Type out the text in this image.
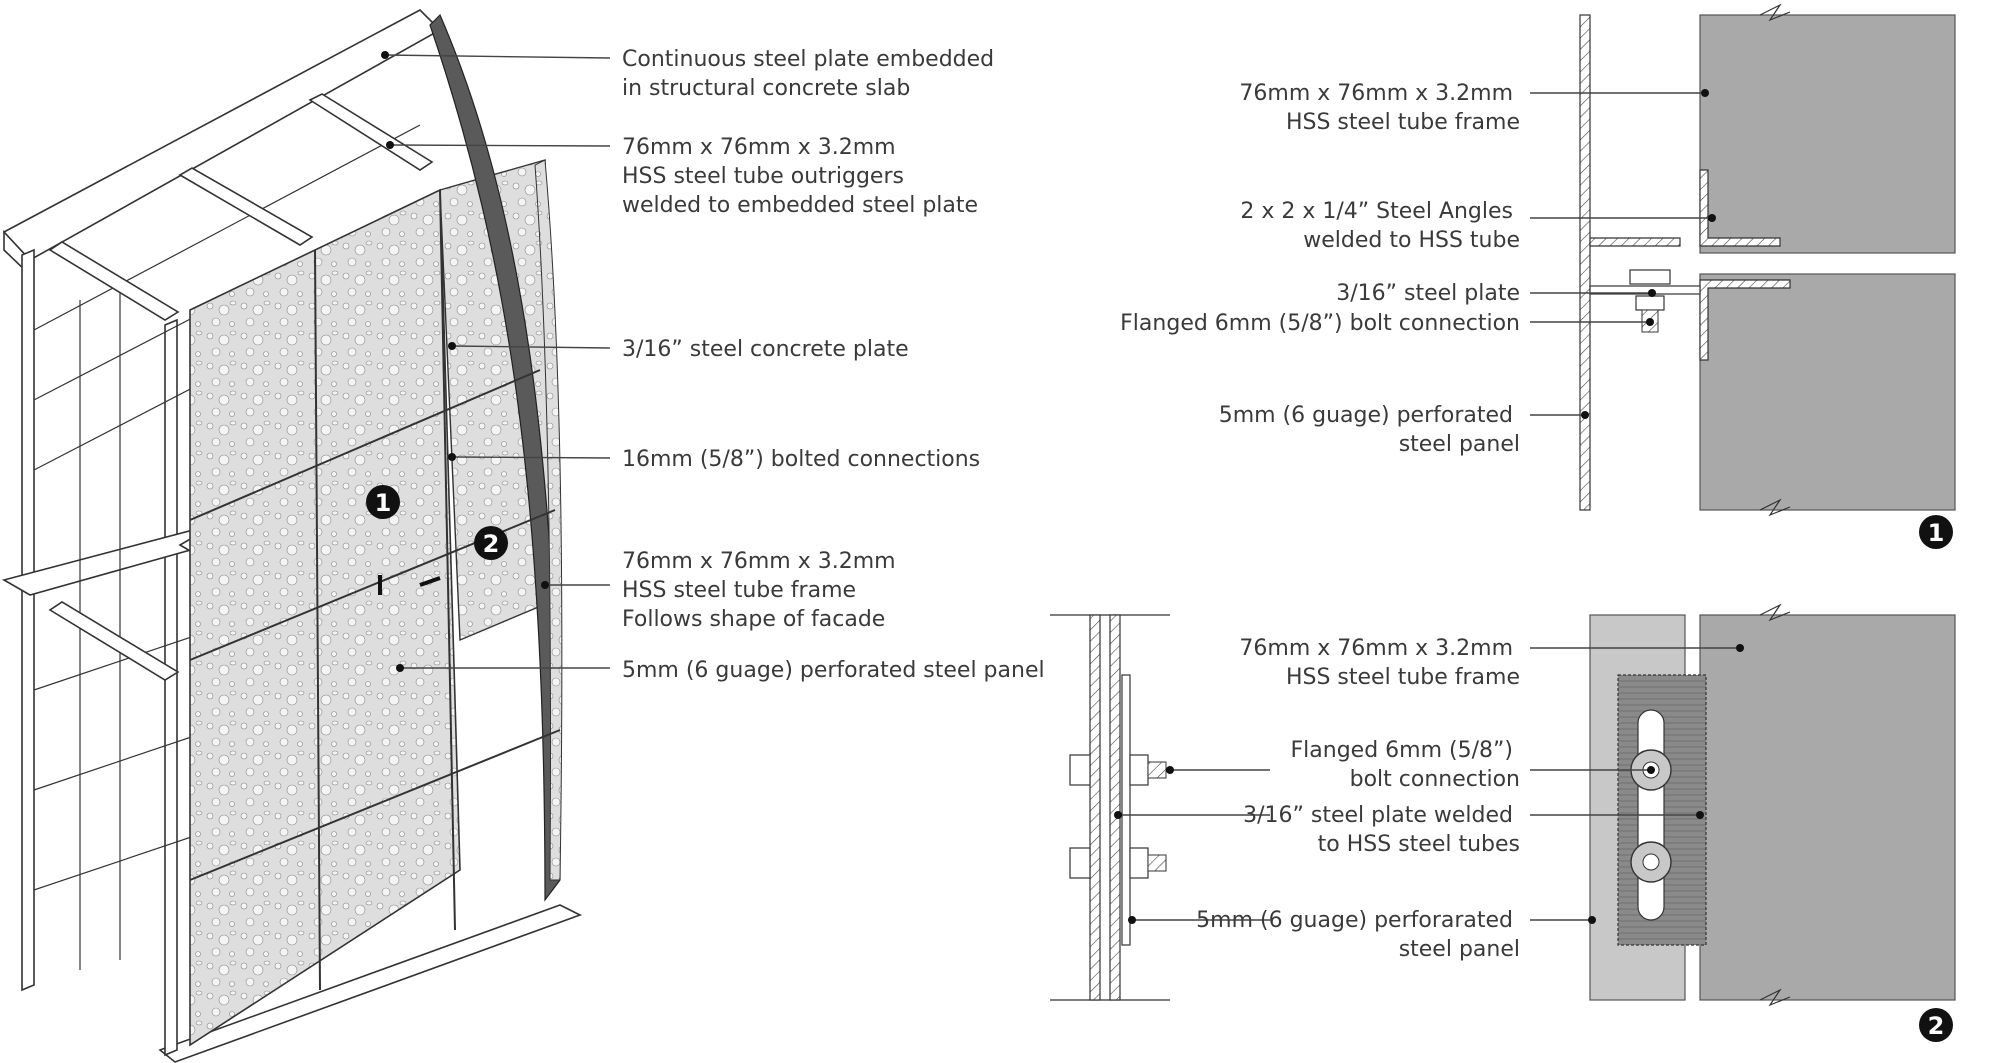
1
2
Continuous steel plate embedded in structural concrete slab
76mm x 76mm x 3.2mm HSS steel tube outriggers welded to embedded steel plate
3/16” steel concrete plate
16mm (5/8”) bolted connections
76mm x 76mm x 3.2mm HSS steel tube frame Follows shape of facade
5mm (6 guage) perforated steel panel
76mm x 76mm x 3.2mm HSS steel tube frame
2 x 2 x 1/4” Steel Angles welded to HSS tube
3/16” steel plate
Flanged 6mm (5/8”) bolt connection
5mm (6 guage) perforated steel panel
1
76mm x 76mm x 3.2mm HSS steel tube frame
Flanged 6mm (5/8”) bolt connection
3/16” steel plate welded to HSS steel tubes
5mm (6 guage) perforarated steel panel
2
